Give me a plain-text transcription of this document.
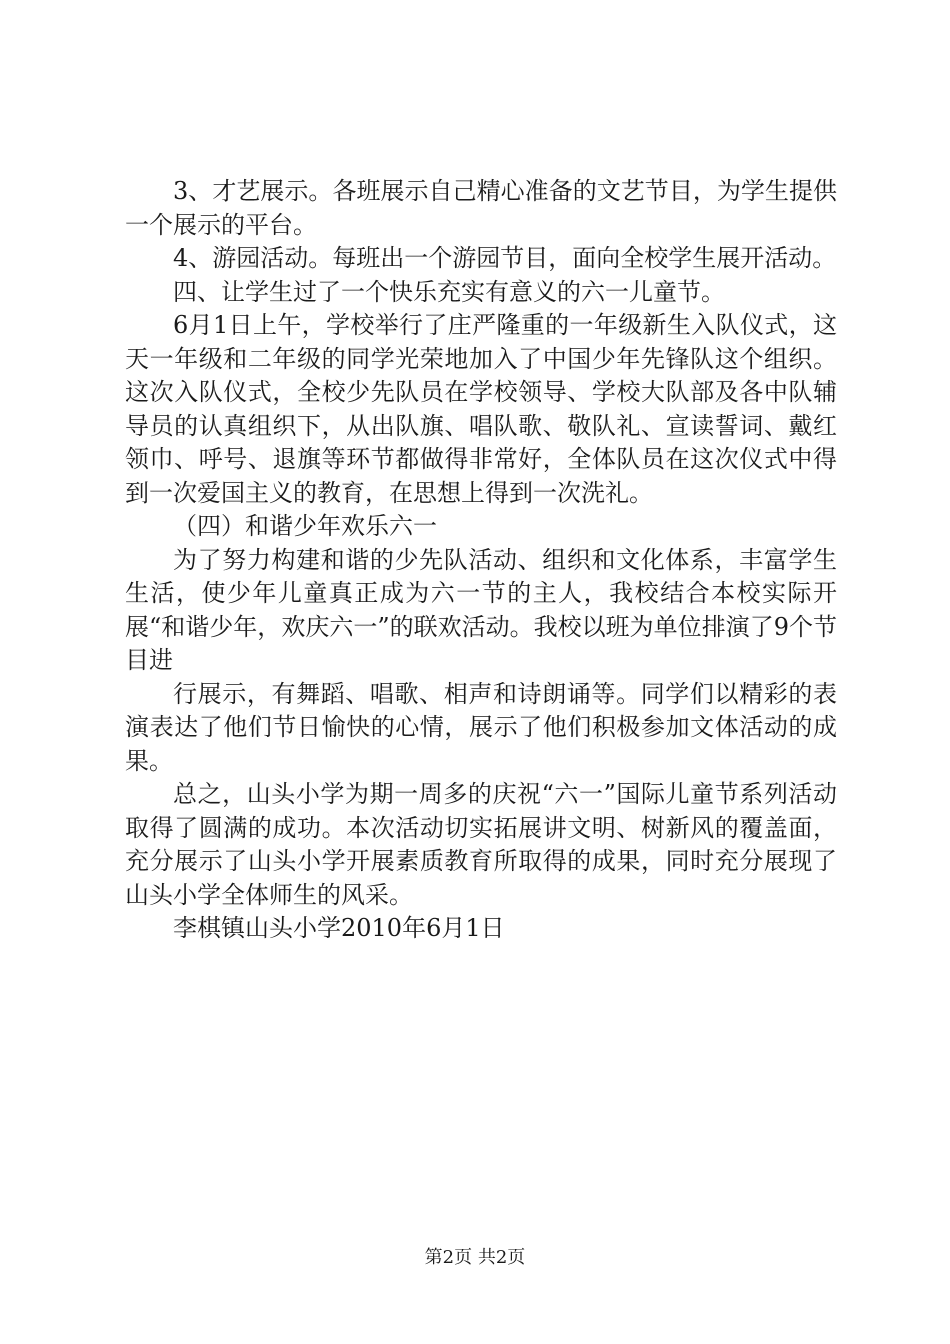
3、才艺展示。各班展示自己精心准备的文艺节目，为学生提供一个展示的平台。

4、游园活动。每班出一个游园节目，面向全校学生展开活动。

四、让学生过了一个快乐充实有意义的六一儿童节。

6月1日上午，学校举行了庄严隆重的一年级新生入队仪式，这天一年级和二年级的同学光荣地加入了中国少年先锋队这个组织。这次入队仪式，全校少先队员在学校领导、学校大队部及各中队辅导员的认真组织下，从出队旗、唱队歌、敬队礼、宣读誓词、戴红领巾、呼号、退旗等环节都做得非常好，全体队员在这次仪式中得到一次爱国主义的教育，在思想上得到一次洗礼。

（四）和谐少年欢乐六一

为了努力构建和谐的少先队活动、组织和文化体系，丰富学生生活，使少年儿童真正成为六一节的主人，我校结合本校实际开展“和谐少年，欢庆六一”的联欢活动。我校以班为单位排演了9个节目进

行展示，有舞蹈、唱歌、相声和诗朗诵等。同学们以精彩的表演表达了他们节日愉快的心情，展示了他们积极参加文体活动的成果。

总之，山头小学为期一周多的庆祝“六一”国际儿童节系列活动取得了圆满的成功。本次活动切实拓展讲文明、树新风的覆盖面，充分展示了山头小学开展素质教育所取得的成果，同时充分展现了山头小学全体师生的风采。

李棋镇山头小学2010年6月1日

第2页 共2页
